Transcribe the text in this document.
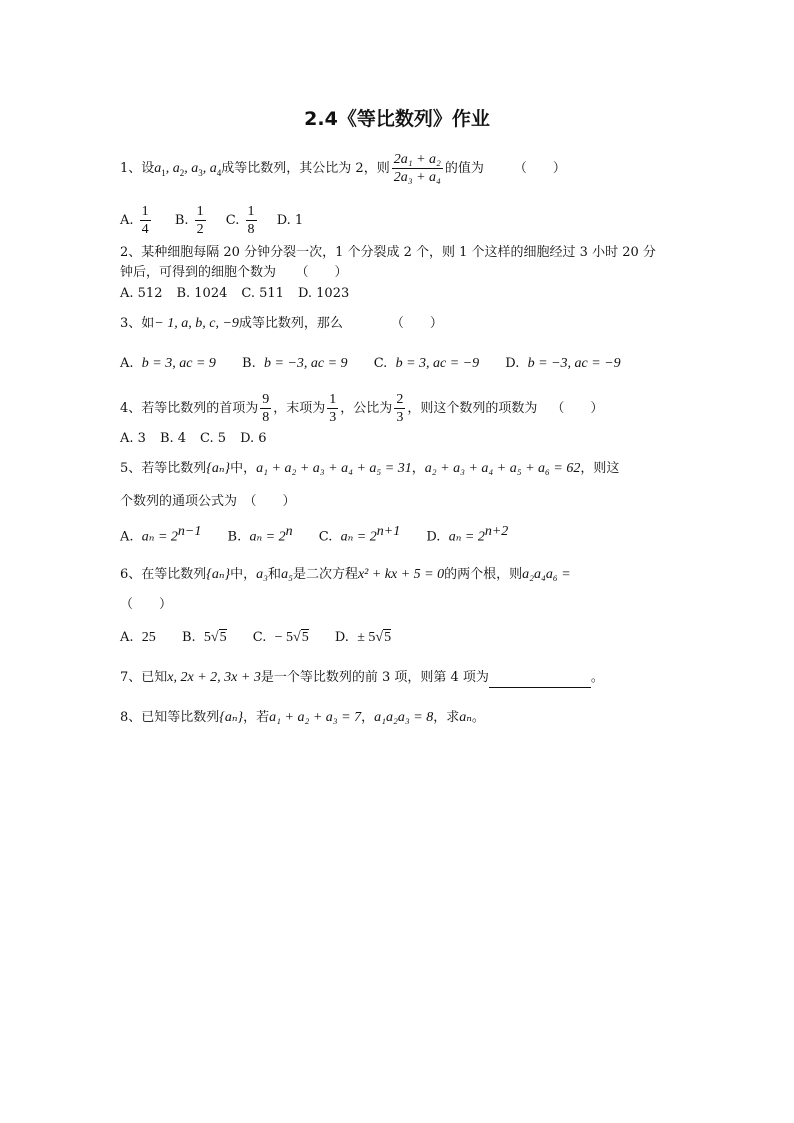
2.4《等比数列》作业
1、设$a_1$, $a_2$, $a_3$, $a_4$成等比数列，其公比为 2，则 $\frac{\text{2a₁ + a₂}}{\text{2a₃ + a₄}}$ 的值为 （　　）
A. $\frac{1}{4} B$. $\frac{1}{2} C$. $\frac{1}{8} D$. 1
2、某种细胞每隔 20 分钟分裂一次，1 个分裂成 2 个，则 1 个这样的细胞经过 3 小时 20 分
钟后，可得到的细胞个数为　　（　　）
A. 512 B. 1024 C. 511 D. 1023
3、如− 1, a, b, c, −9成等比数列，那么	（　　）
A. b = 3, ac = 9 B. b = −3, ac = 9 C. b = 3, ac = −9 D. b = −3, ac = −9
4、若等比数列的首项为 $\frac{9}{8}$ ，末项为 $\frac{1}{3}$ ，公比为 $\frac{2}{3}$ ，则这个数列的项数为 （　　）
A. 3 B. 4 C. 5 D. 6
5、若等比数列{aₙ}中，a₁ + a₂ + a₃ + a₄ + a₅ = 31，a₂ + a₃ + a₄ + a₅ + a₆ = 62，则这
个数列的通项公式为　（　　）
A. $a_n = 2^{n-1}$ B. $a_n = 2^n$ C. $a_n = 2^{n+1}$ D. $a_n = 2^{n+2}$
6、在等比数列{aₙ}中，a₃和a₅是二次方程x² + kx + 5 = 0的两个根，则a₂a₄a₆ =
（　　）
A. 25 B. 5√5 C. − 5√5 D. ± 5√5
7、已知x, 2x + 2, 3x + 3是一个等比数列的前 3 项，则第 4 项为	。
8、已知等比数列{aₙ}，若a₁ + a₂ + a₃ = 7，a₁a₂a₃ = 8，求aₙ。
